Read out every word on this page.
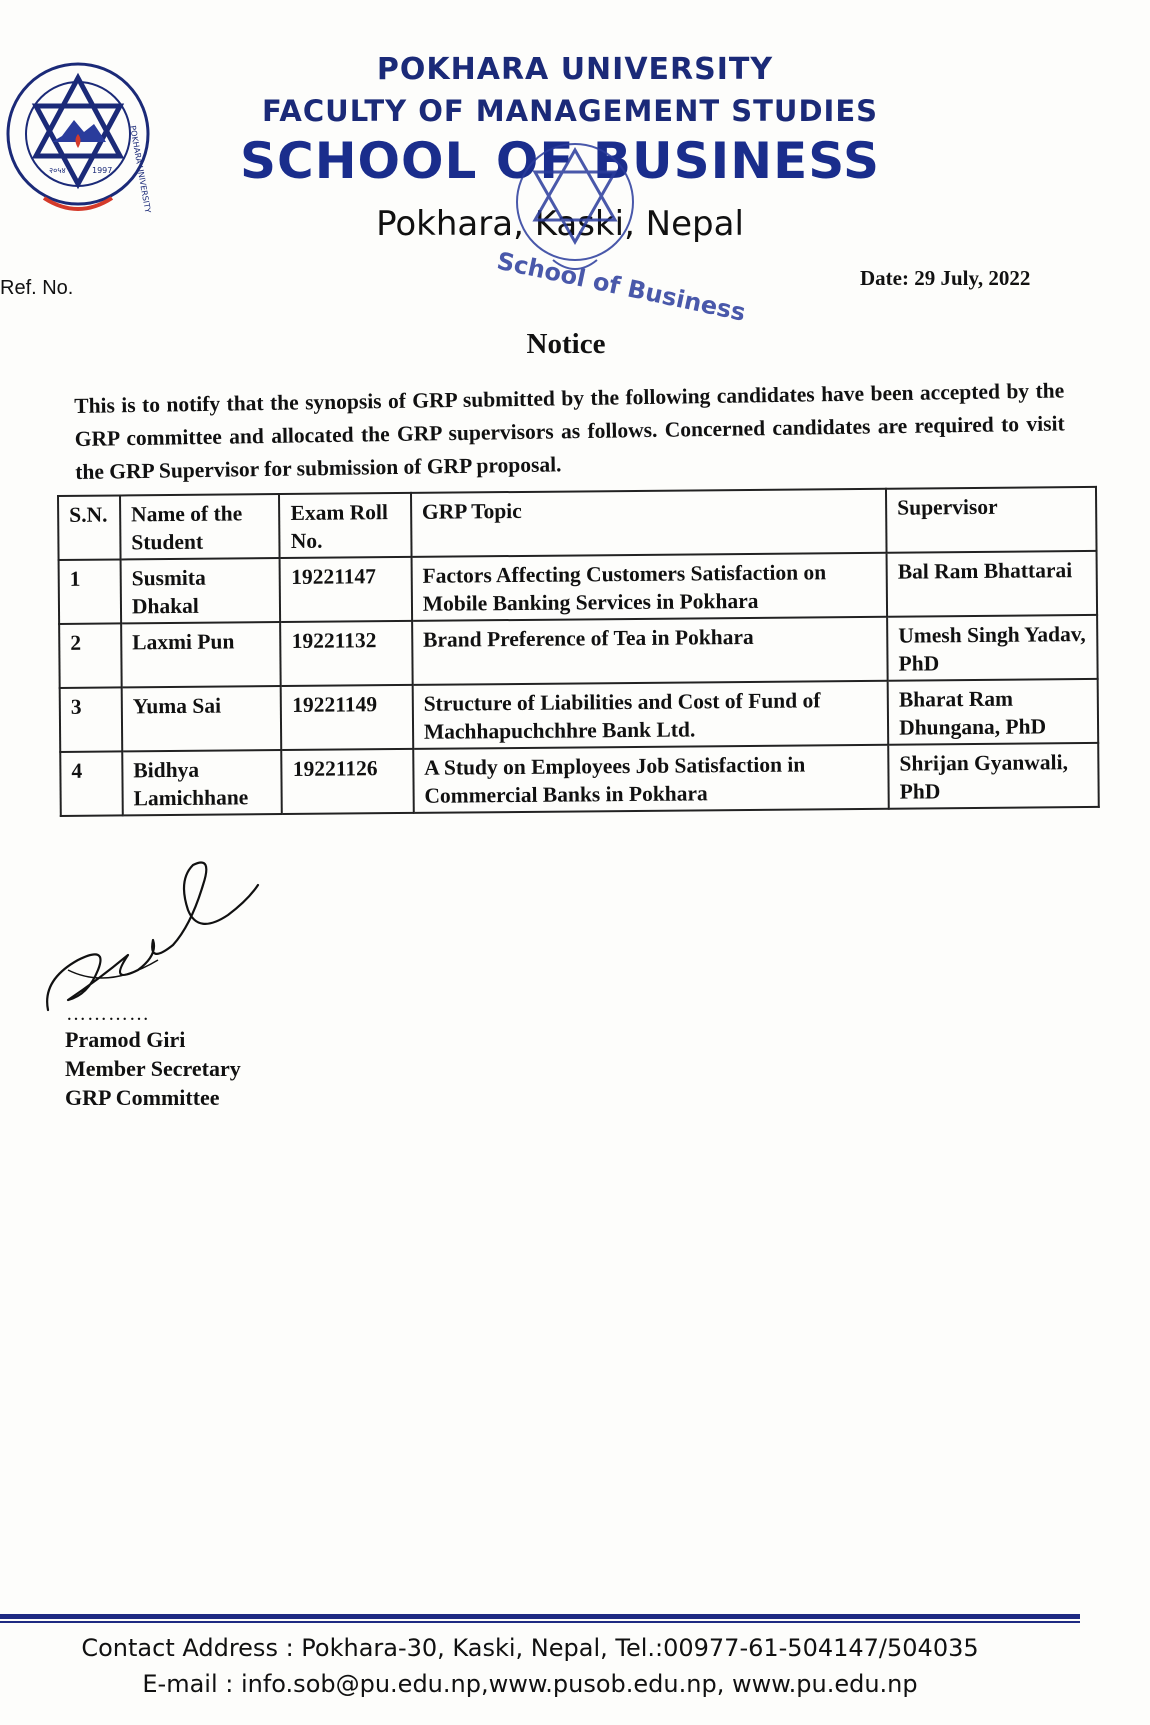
२०५४	1997 POKHARA UNIVERSITY
POKHARA UNIVERSITY
FACULTY OF MANAGEMENT STUDIES
SCHOOL OF BUSINESS
Pokhara, Kaski, Nepal
School of Business
Ref. No.	Date: 29 July, 2022
Notice
This is to notify that the synopsis of GRP submitted by the following candidates have been accepted by the GRP committee and allocated the GRP supervisors as follows. Concerned candidates are required to visit the GRP Supervisor for submission of GRP proposal.
S.N.	Name of the Student	Exam Roll No.	GRP Topic	Supervisor
1	Susmita Dhakal	19221147	Factors Affecting Customers Satisfaction on Mobile Banking Services in Pokhara	Bal Ram Bhattarai
2	Laxmi Pun	19221132	Brand Preference of Tea in Pokhara	Umesh Singh Yadav, PhD
3	Yuma Sai	19221149	Structure of Liabilities and Cost of Fund of Machhapuchchhre Bank Ltd.	Bharat Ram Dhungana, PhD
4	Bidhya Lamichhane	19221126	A Study on Employees Job Satisfaction in Commercial Banks in Pokhara	Shrijan Gyanwali, PhD
…………
Pramod Giri
Member Secretary
GRP Committee
Contact Address : Pokhara-30, Kaski, Nepal, Tel.:00977-61-504147/504035
E-mail : info.sob@pu.edu.np,www.pusob.edu.np, www.pu.edu.np
